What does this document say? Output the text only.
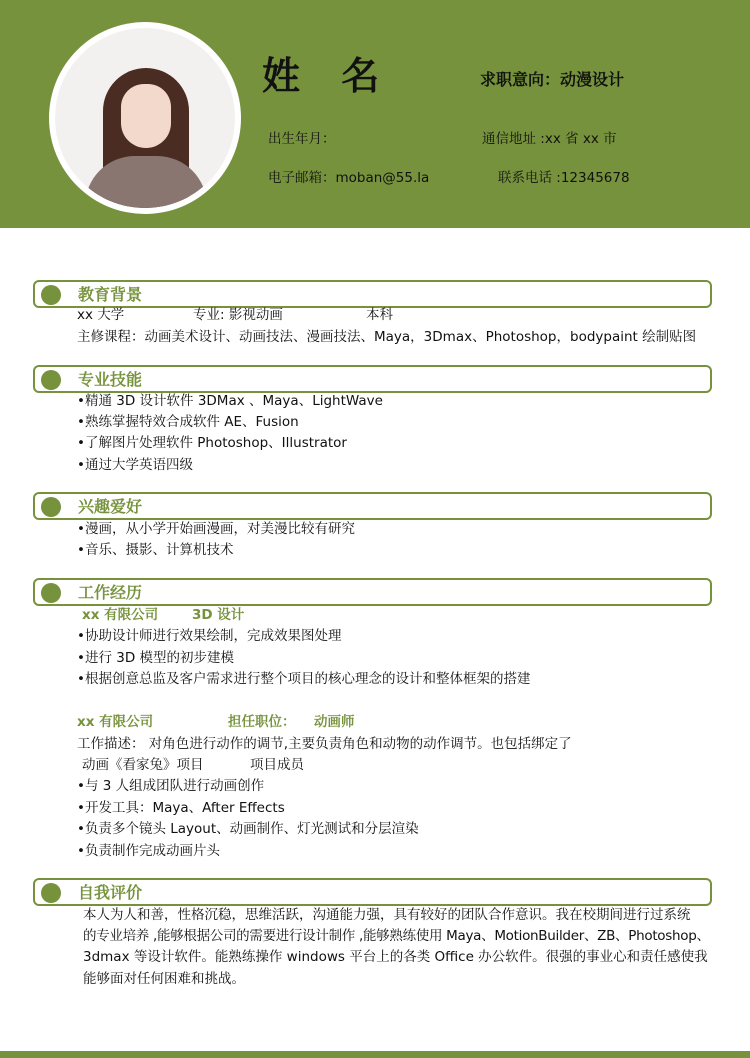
姓 名	求职意向：动漫设计
出生年月：	通信地址 :xx 省 xx 市
电子邮箱：moban@55.la	联系电话 :12345678
教育背景
xx 大学	专业: 影视动画	本科
主修课程：动画美术设计、动画技法、漫画技法、Maya，3Dmax、Photoshop，bodypaint 绘制贴图
专业技能
•精通 3D 设计软件 3DMax 、Maya、LightWave
•熟练掌握特效合成软件 AE、Fusion
•了解图片处理软件 Photoshop、Illustrator
•通过大学英语四级
兴趣爱好
•漫画，从小学开始画漫画，对美漫比较有研究
•音乐、摄影、计算机技术
工作经历
xx 有限公司	3D 设计
•协助设计师进行效果绘制，完成效果图处理
•进行 3D 模型的初步建模
•根据创意总监及客户需求进行整个项目的核心理念的设计和整体框架的搭建
xx 有限公司	担任职位： 动画师
工作描述： 对角色进行动作的调节,主要负责角色和动物的动作调节。也包括绑定了
动画《看家兔》项目	项目成员
•与 3 人组成团队进行动画创作
•开发工具：Maya、After Effects
•负责多个镜头 Layout、动画制作、灯光测试和分层渲染
•负责制作完成动画片头
自我评价
本人为人和善，性格沉稳，思维活跃，沟通能力强，具有较好的团队合作意识。我在校期间进行过系统
的专业培养 ,能够根据公司的需要进行设计制作 ,能够熟练使用 Maya、MotionBuilder、ZB、Photoshop、
3dmax 等设计软件。能熟练操作 windows 平台上的各类 Office 办公软件。很强的事业心和责任感使我
能够面对任何困难和挑战。
